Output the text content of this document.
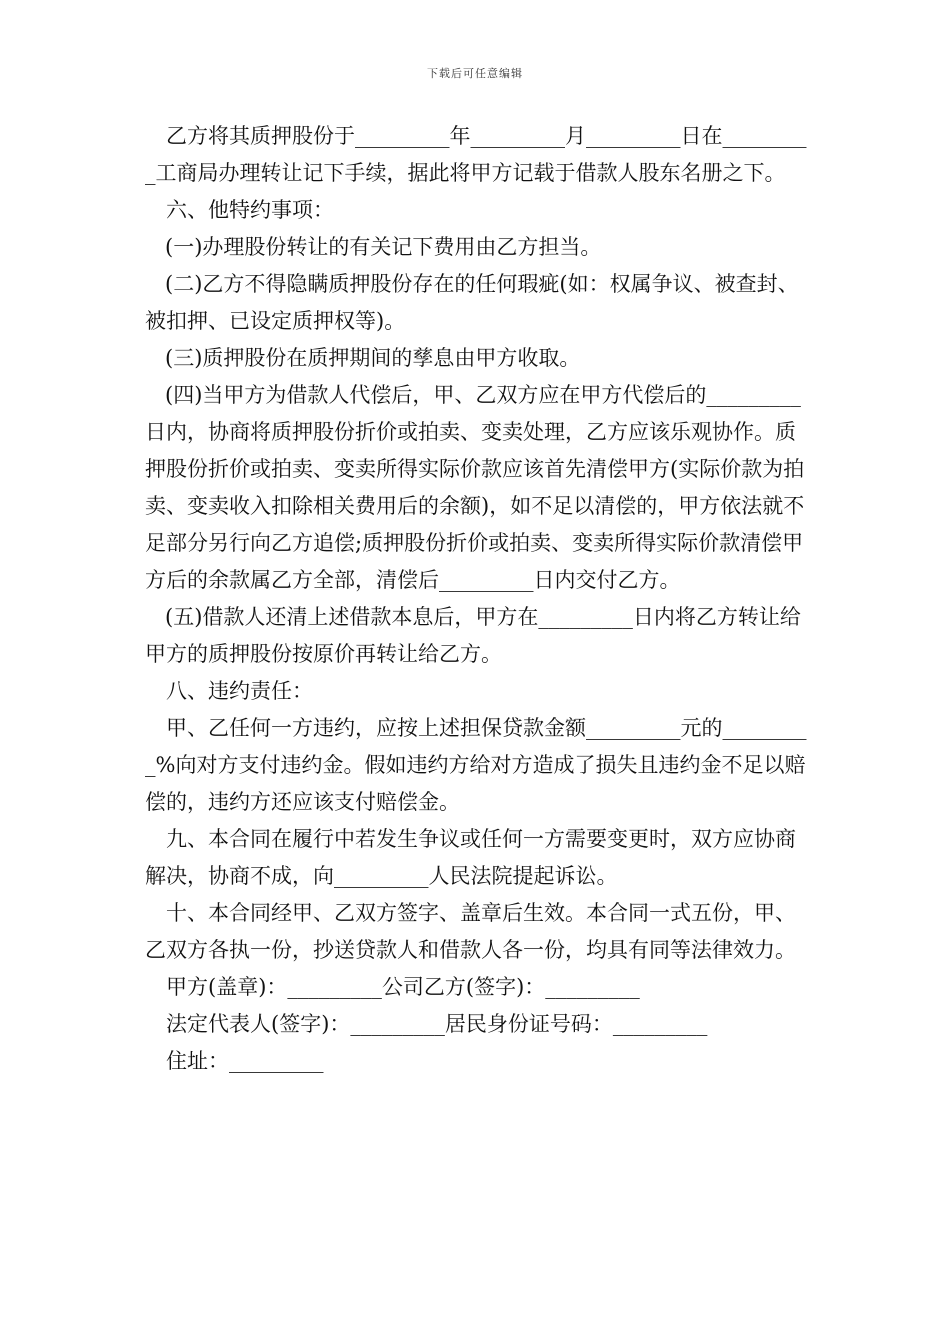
下载后可任意编辑

乙方将其质押股份于_________年_________月_________日在_________工商局办理转让记下手续，据此将甲方记载于借款人股东名册之下。

六、他特约事项：

(一)办理股份转让的有关记下费用由乙方担当。

(二)乙方不得隐瞒质押股份存在的任何瑕疵(如：权属争议、被查封、被扣押、已设定质押权等)。

(三)质押股份在质押期间的孳息由甲方收取。

(四)当甲方为借款人代偿后，甲、乙双方应在甲方代偿后的_________日内，协商将质押股份折价或拍卖、变卖处理，乙方应该乐观协作。质押股份折价或拍卖、变卖所得实际价款应该首先清偿甲方(实际价款为拍卖、变卖收入扣除相关费用后的余额)，如不足以清偿的，甲方依法就不足部分另行向乙方追偿;质押股份折价或拍卖、变卖所得实际价款清偿甲方后的余款属乙方全部，清偿后_________日内交付乙方。

(五)借款人还清上述借款本息后，甲方在_________日内将乙方转让给甲方的质押股份按原价再转让给乙方。

八、违约责任：

甲、乙任何一方违约，应按上述担保贷款金额_________元的_________%向对方支付违约金。假如违约方给对方造成了损失且违约金不足以赔偿的，违约方还应该支付赔偿金。

九、本合同在履行中若发生争议或任何一方需要变更时，双方应协商解决，协商不成，向_________人民法院提起诉讼。

十、本合同经甲、乙双方签字、盖章后生效。本合同一式五份，甲、乙双方各执一份，抄送贷款人和借款人各一份，均具有同等法律效力。

甲方(盖章)：_________公司乙方(签字)：_________

法定代表人(签字)：_________居民身份证号码：_________

住址：_________
